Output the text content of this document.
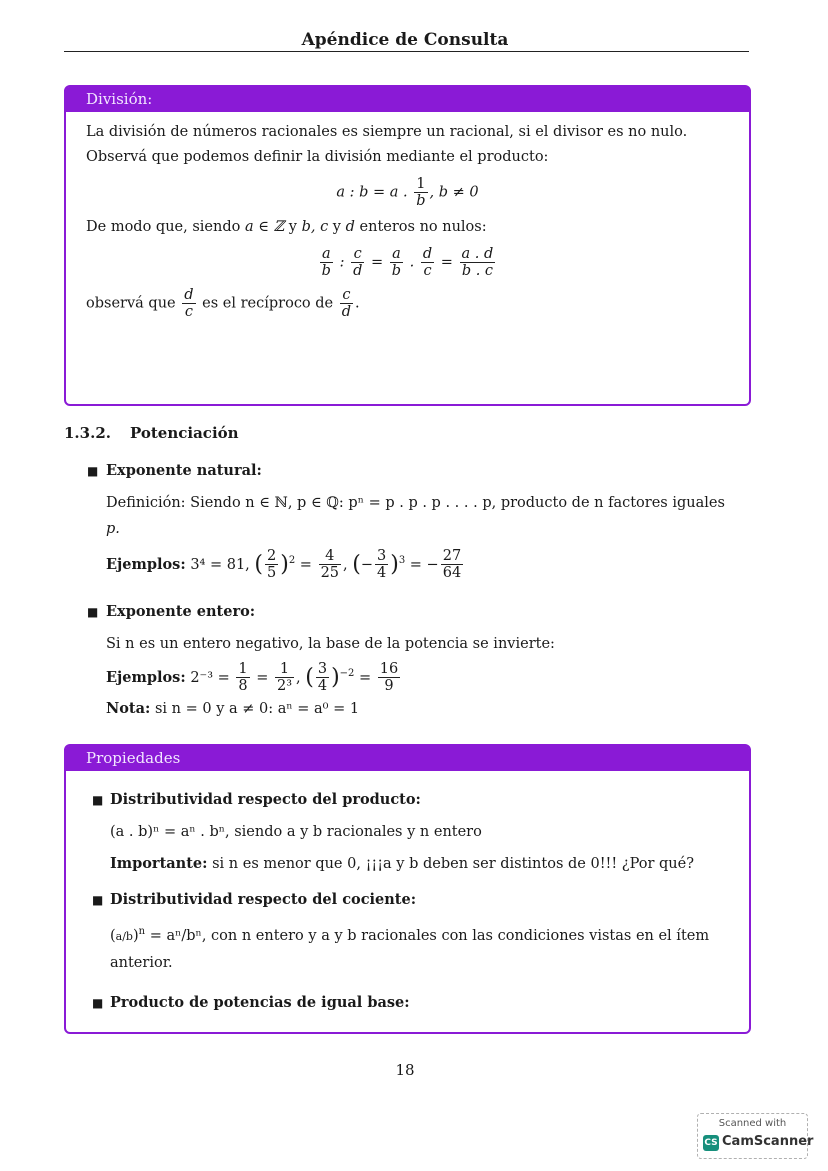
Apéndice de Consulta
División:

La división de números racionales es siempre un racional, si el divisor es no nulo.

Observá que podemos definir la división mediante el producto:

a : b = a . $\frac{1}{b}$ , b ≠ 0

De modo que, siendo a ∈ ℤ y b, c y d enteros no nulos:

$\frac{a}{b}$ : $\frac{c}{d} = \frac{a}{b}$ . $\frac{d}{c} = \frac{a . d}{b . c}$

observá que $\frac{d}{c}$ es el recíproco de $\frac{c}{d}$ .

1.3.2. Potenciación
■ Exponente natural:
Definición: Siendo n ∈ ℕ, p ∈ ℚ: pⁿ = p . p . p . . . . p, producto de n factores iguales
p.
Ejemplos: 3⁴ = 81, ( $\frac{2}{5} )^2 = \frac{4}{25}$ , (− $\frac{3}{4} )^3$ = − $\frac{27}{64}$
■ Exponente entero:
Si n es un entero negativo, la base de la potencia se invierte:
Ejemplos: $2^{-3} = \frac{1}{8} = \frac{1}{\text{2³}}$ , ( $\frac{3}{4} )^{-2} = \frac{16}{9}$
Nota: si n = 0 y a ≠ 0: aⁿ = a⁰ = 1
Propiedades
■ Distributividad respecto del producto:
(a . b)ⁿ = aⁿ . bⁿ, siendo a y b racionales y n entero
Importante: si n es menor que 0, ¡¡¡a y b deben ser distintos de 0!!! ¿Por qué?
■ Distributividad respecto del cociente:
$(a/b)^n = a^n/b^n$, con n entero y a y b racionales con las condiciones vistas en el ítem
anterior.
■ Producto de potencias de igual base:
18
Scanned with
CS CamScanner
